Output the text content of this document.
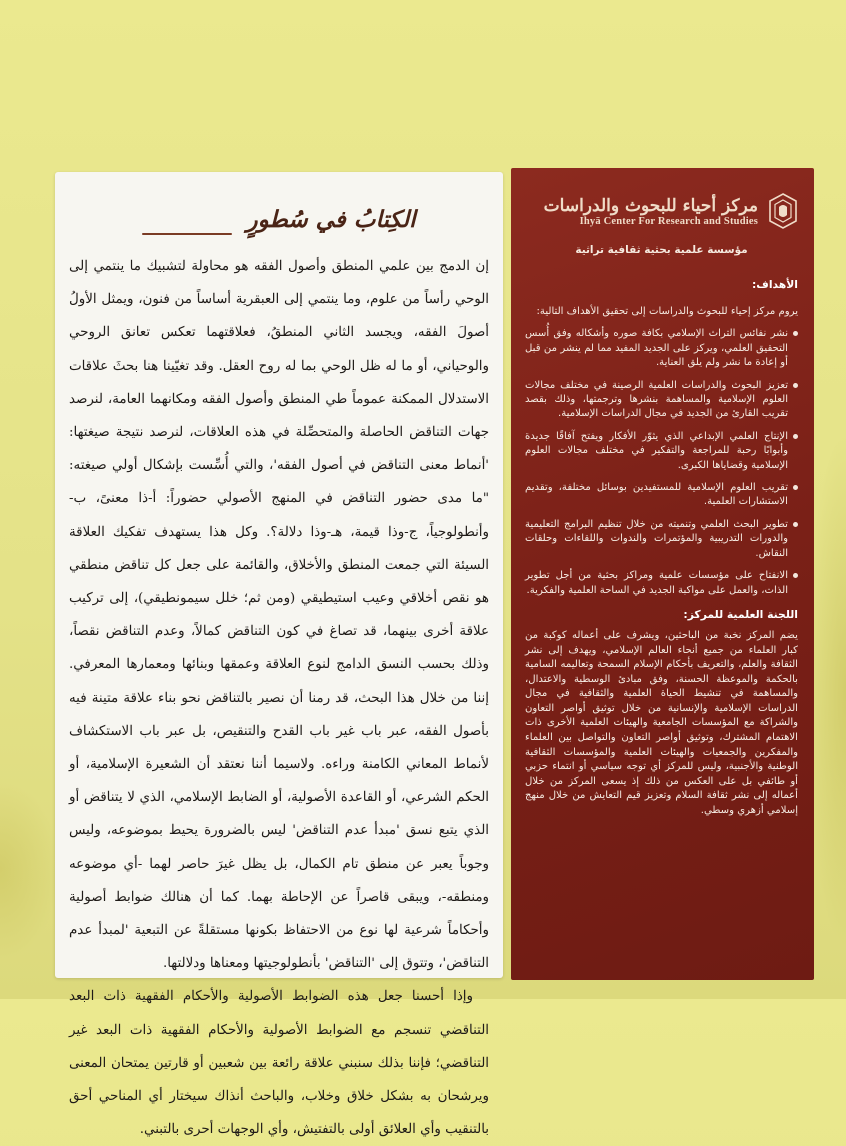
الكِتابُ في سُطورٍ

إن الدمج بين علمي المنطق وأصول الفقه هو محاولة لتشبيك ما ينتمي إلى الوحي رأساً من علوم، وما ينتمي إلى العبقرية أساساً من فنون، ويمثل الأولُ أصولَ الفقه، ويجسد الثاني المنطقُ، فعلاقتهما تعكس تعانق الروحي والوحياني، أو ما له ظل الوحي بما له روح العقل. وقد تغيّينا هنا بحثَ علاقات الاستدلال الممكنة عموماً طي المنطق وأصول الفقه ومكانهما العامة، لنرصد جهات التناقض الحاصلة والمتحصِّلة في هذه العلاقات، لنرصد نتيجة صيغتها: 'أنماط معنى التناقض في أصول الفقه'، والتي أُسِّست بإشكال أولي صيغته: "ما مدى حضور التناقض في المنهج الأصولي حضوراً: أ-ذا معنىً، ب-وأنطولوجياً، ج-وذا قيمة، هـ-وذا دلالة؟. وكل هذا يستهدف تفكيك العلاقة السيئة التي جمعت المنطق والأخلاق، والقائمة على جعل كل تناقض منطقي هو نقص أخلاقي وعيب استيطيقي (ومن ثم؛ خلل سيمونطيقي)، إلى تركيب علاقة أخرى بينهما، قد تصاغ في كون التناقض كمالاً، وعدم التناقض نقصاً، وذلك بحسب النسق الدامج لنوع العلاقة وعمقها وبنائها ومعمارها المعرفي. إننا من خلال هذا البحث، قد رمنا أن نصير بالتناقض نحو بناء علاقة متينة فيه بأصول الفقه، عبر باب غير باب القدح والتنقيص، بل عبر باب الاستكشاف لأنماط المعاني الكامنة وراءه. ولاسيما أننا نعتقد أن الشعيرة الإسلامية، أو الحكم الشرعي، أو القاعدة الأصولية، أو الضابط الإسلامي، الذي لا يتناقض أو الذي يتبع نسق 'مبدأ عدم التناقض' ليس بالضرورة يحيط بموضوعه، وليس وجوباً يعبر عن منطق تام الكمال، بل يظل غيرَ حاصر لهما -أي موضوعه ومنطقه-، ويبقى قاصراً عن الإحاطة بهما. كما أن هنالك ضوابط أصولية وأحكاماً شرعية لها نوع من الاحتفاظ بكونها مستقلةً عن التبعية 'لمبدأ عدم التناقض'، وتتوق إلى 'التناقض' بأنطولوجيتها ومعناها ودلالتها.

وإذا أحسنا جعل هذه الضوابط الأصولية والأحكام الفقهية ذات البعد التناقضي تنسجم مع الضوابط الأصولية والأحكام الفقهية ذات البعد غير التناقضي؛ فإننا بذلك سنبني علاقة رائعة بين شعبين أو قارتين يمتحان المعنى ويرشحان به بشكل خلاق وخلاب، والباحث أنذاك سيختار أي المناحي أحق بالتنقيب وأي العلائق أولى بالتفتيش، وأي الوجهات أحرى بالتبني.

مركز أحياء للبحوث والدراسات
Ihyā Center For Research and Studies
مؤسسة علمية بحثية ثقافية تراثية
الأهداف:

يروم مركز إحياء للبحوث والدراسات إلى تحقيق الأهداف التالية:

نشر نفائس التراث الإسلامي بكافة صوره وأشكاله وفق أُسس التحقيق العلمي، ويركز على الجديد المفيد مما لم ينشر من قبل أو إعادة ما نشر ولم يلق العناية.
تعزيز البحوث والدراسات العلمية الرصينة في مختلف مجالات العلوم الإسلامية والمساهمة بنشرها وترجمتها، وذلك بقصد تقريب القارئ من الجديد في مجال الدراسات الإسلامية.
الإنتاج العلمي الإبداعي الذي يثوّر الأفكار ويفتح آفاقًا جديدة وأبوابًا رحبة للمراجعة والتفكير في مختلف مجالات العلوم الإسلامية وقضاياها الكبرى.
تقريب العلوم الإسلامية للمستفيدين بوسائل مختلفة، وتقديم الاستشارات العلمية.
تطوير البحث العلمي وتنميته من خلال تنظيم البرامج التعليمية والدورات التدريبية والمؤتمرات والندوات واللقاءات وحلقات النقاش.
الانفتاح على مؤسسات علمية ومراكز بحثية من أجل تطوير الذات، والعمل على مواكبة الجديد في الساحة العلمية والفكرية.
اللجنة العلمية للمركز:

يضم المركز نخبة من الباحثين، ويشرف على أعماله كوكبة من كبار العلماء من جميع أنحاء العالم الإسلامي، ويهدف إلى نشر الثقافة والعلم، والتعريف بأحكام الإسلام السمحة وتعاليمه السامية بالحكمة والموعظة الحسنة، وفق مبادئ الوسطية والاعتدال، والمساهمة في تنشيط الحياة العلمية والثقافية في مجال الدراسات الإسلامية والإنسانية من خلال توثيق أواصر التعاون والشراكة مع المؤسسات الجامعية والهيئات العلمية الأخرى ذات الاهتمام المشترك، وتوثيق أواصر التعاون والتواصل بين العلماء والمفكرين والجمعيات والهيئات العلمية والمؤسسات الثقافية الوطنية والأجنبية، وليس للمركز أي توجه سياسي أو انتماء حزبي أو طائفي بل على العكس من ذلك إذ يسعى المركز من خلال أعماله إلى نشر ثقافة السلام وتعزيز قيم التعايش من خلال منهج إسلامي أزهري وسطي.
